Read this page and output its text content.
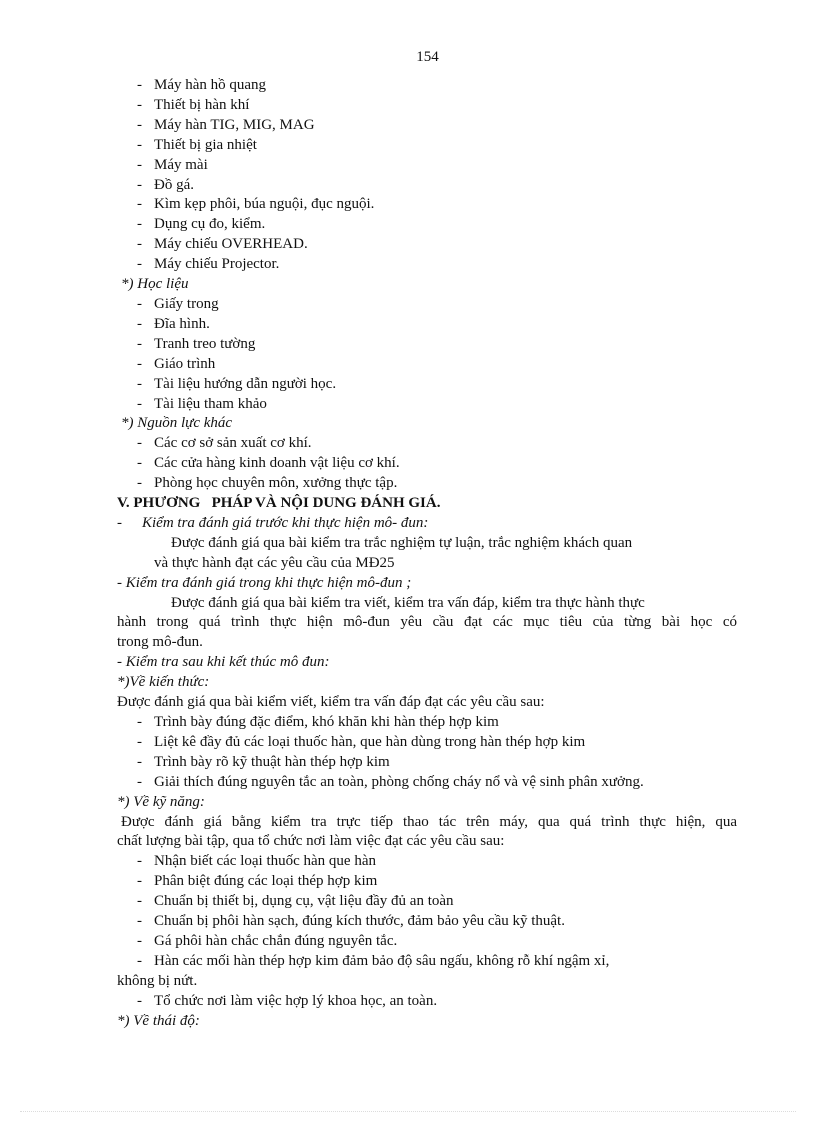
154
- Máy hàn hồ quang
- Thiết bị hàn khí
- Máy hàn TIG, MIG, MAG
- Thiết bị gia nhiệt
- Máy mài
- Đồ gá.
- Kìm kẹp phôi, búa nguội, đục nguội.
- Dụng cụ đo, kiểm.
- Máy chiếu OVERHEAD.
- Máy chiếu Projector.
*) Học liệu
- Giấy trong
- Đĩa hình.
- Tranh treo tường
- Giáo trình
- Tài liệu hướng dẫn người học.
- Tài liệu tham khảo
*) Nguồn lực khác
- Các cơ sở sản xuất cơ khí.
- Các cửa hàng kinh doanh vật liệu cơ khí.
- Phòng học chuyên môn, xưởng thực tập.
V. PHƯƠNG   PHÁP VÀ NỘI DUNG ĐÁNH GIÁ.
- Kiểm tra đánh giá trước khi thực hiện mô- đun:
Được đánh giá qua bài kiểm tra trắc nghiệm tự luận, trắc nghiệm khách quan
và thực hành đạt các yêu cầu của MĐ25
- Kiểm tra đánh giá trong khi thực hiện mô-đun ;
Được đánh giá qua bài kiểm tra viết, kiểm tra vấn đáp, kiểm tra thực hành thực
hành trong quá trình thực hiện mô-đun yêu cầu đạt các mục tiêu của từng bài học có
trong mô-đun.
- Kiểm tra sau khi kết thúc mô đun:
*)Về kiến thức:
Được đánh giá qua bài kiểm viết, kiểm tra vấn đáp đạt các yêu cầu sau:
- Trình bày đúng đặc điểm, khó khăn khi hàn thép hợp kim
- Liệt kê đầy đủ các loại thuốc hàn, que hàn dùng trong hàn thép hợp kim
- Trình bày rõ kỹ thuật hàn thép hợp kim
- Giải thích đúng nguyên tắc an toàn, phòng chống cháy nổ và vệ sinh phân xưởng.
*) Về kỹ năng:
Được đánh giá bằng kiểm tra trực tiếp thao tác trên máy, qua quá trình thực hiện, qua
chất lượng bài tập, qua tổ chức nơi làm việc đạt các yêu cầu sau:
- Nhận biết các loại thuốc hàn que hàn
- Phân biệt đúng các loại thép hợp kim
- Chuẩn bị thiết bị, dụng cụ, vật liệu đầy đủ an toàn
- Chuẩn bị phôi hàn sạch, đúng kích thước, đảm bảo yêu cầu kỹ thuật.
- Gá phôi hàn chắc chắn đúng nguyên tắc.
- Hàn các mối hàn thép hợp kim đảm bảo độ sâu ngấu, không rỗ khí ngậm xỉ,
không bị nứt.
- Tổ chức nơi làm việc hợp lý khoa học, an toàn.
*) Về thái độ:
